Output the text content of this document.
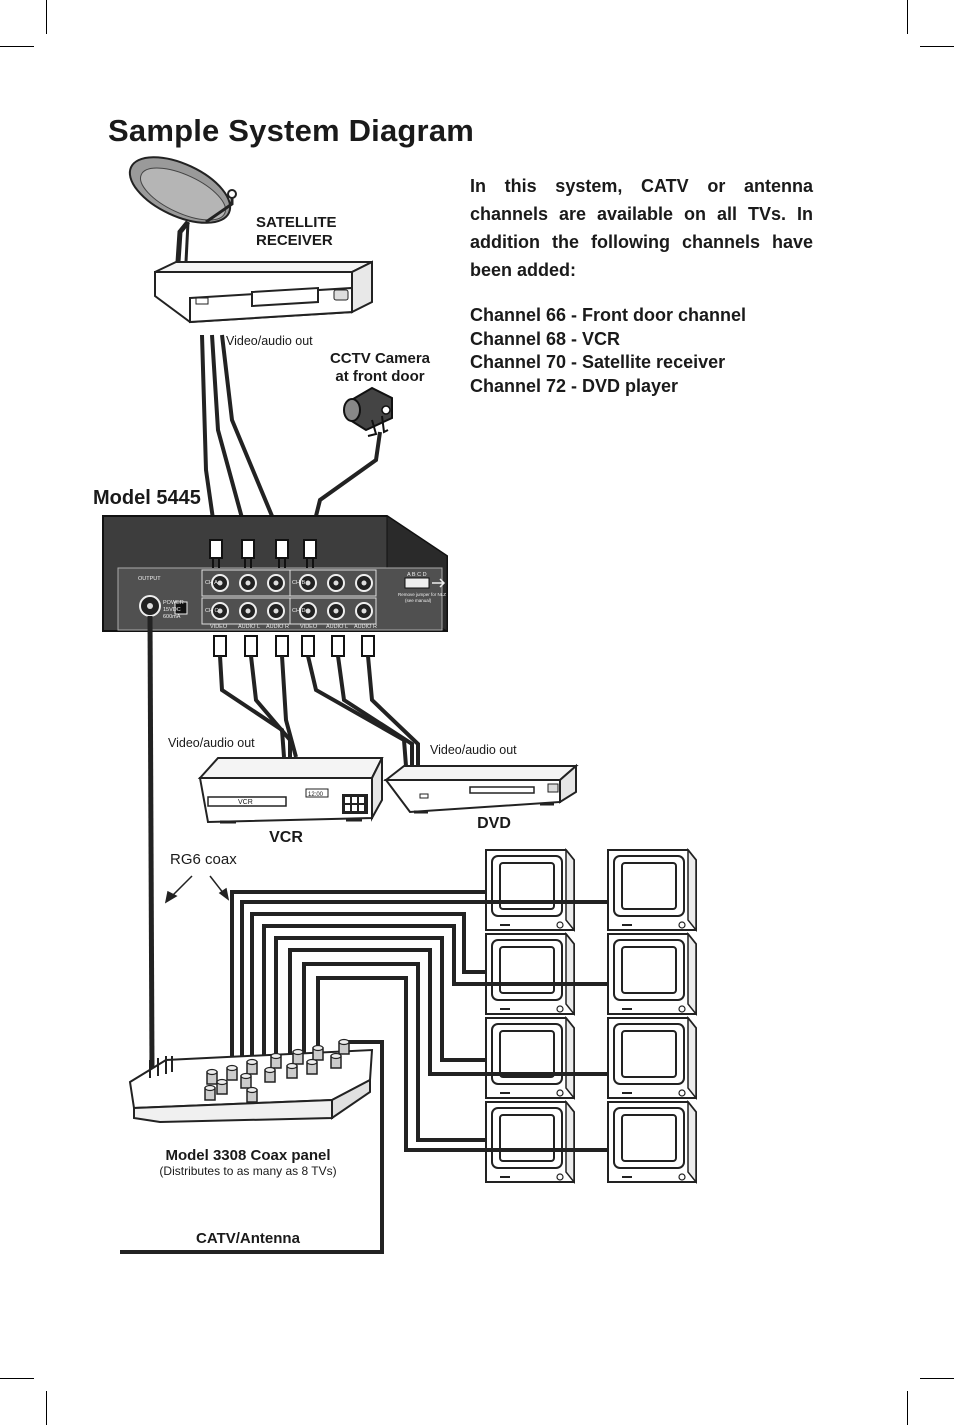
Sample System Diagram
In this system, CATV or antenna channels are available on all TVs. In addition the following channels have been added:
Channel 66 - Front door channel
Channel 68 - VCR
Channel 70 - Satellite receiver
Channel 72 - DVD player
SATELLITE
RECEIVER
Video/audio out
CCTV Camera
at front door
Model 5445
OUTPUT
POWER
15VDC
600mA
CH A
CH C
CH B
CH D
VIDEO AUDIO L AUDIO R VIDEO AUDIO L AUDIO R
A B C D
Remove jumper for NLZ
(see manual)
Video/audio out	Video/audio out
VCR
12:00
VCR
DVD
RG6 coax
Model 3308 Coax panel
(Distributes to as many as 8 TVs)
CATV/Antenna
